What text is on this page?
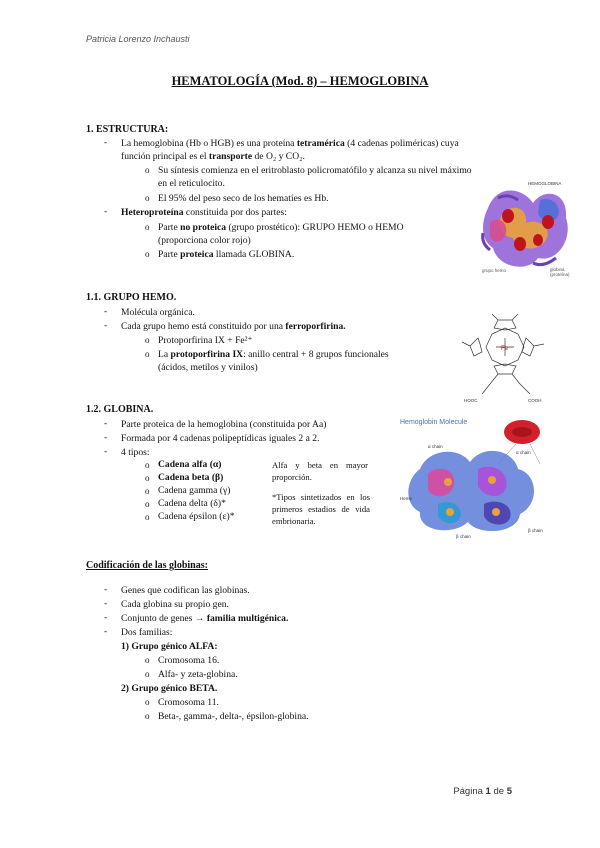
Patricia Lorenzo Inchausti
HEMATOLOGÍA (Mod. 8) – HEMOGLOBINA
1. ESTRUCTURA:
- La hemoglobina (Hb o HGB) es una proteína tetramérica (4 cadenas poliméricas) cuya
función principal es el transporte de O₂ y CO₂.
o Su síntesis comienza en el eritroblasto policromatófilo y alcanza su nivel máximo
en el reticulocito.
o El 95% del peso seco de los hematíes es Hb.
- Heteroproteína constituida por dos partes:
o Parte no proteica (grupo prostético): GRUPO HEMO o HEMO
(proporciona color rojo)
o Parte proteica llamada GLOBINA.
HEMOGLOBINA
grupo hemo	globina
(proteína)
1.1. GRUPO HEMO.
- Molécula orgánica.
- Cada grupo hemo está constituido por una ferroporfirina.
o Protoporfirina IX + Fe²⁺
o La protoporfirina IX: anillo central + 8 grupos funcionales
(ácidos, metilos y vinilos)
Fe
HOOC	COOH
1.2. GLOBINA.
- Parte proteica de la hemoglobina (constituida por Aa)
- Formada por 4 cadenas polipeptídicas iguales 2 a 2.
- 4 tipos:
o Cadena alfa (α)
o Cadena beta (β)
o Cadena gamma (γ)
o Cadena delta (δ)*
o Cadena épsilon (ε)*
Alfa y beta en mayor proporción.
*Tipos sintetizados en los primeros estadios de vida embrionaria.
Hemoglobin Molecule
α chain
α chain
Heme
β chain
β chain
Codificación de las globinas:
- Genes que codifican las globinas.
- Cada globina su propio gen.
- Conjunto de genes → familia multigénica.
- Dos familias:
1) Grupo génico ALFA:
o Cromosoma 16.
o Alfa- y zeta-globina.
2) Grupo génico BETA.
o Cromosoma 11.
o Beta-, gamma-, delta-, épsilon-globina.
Página 1 de 5
